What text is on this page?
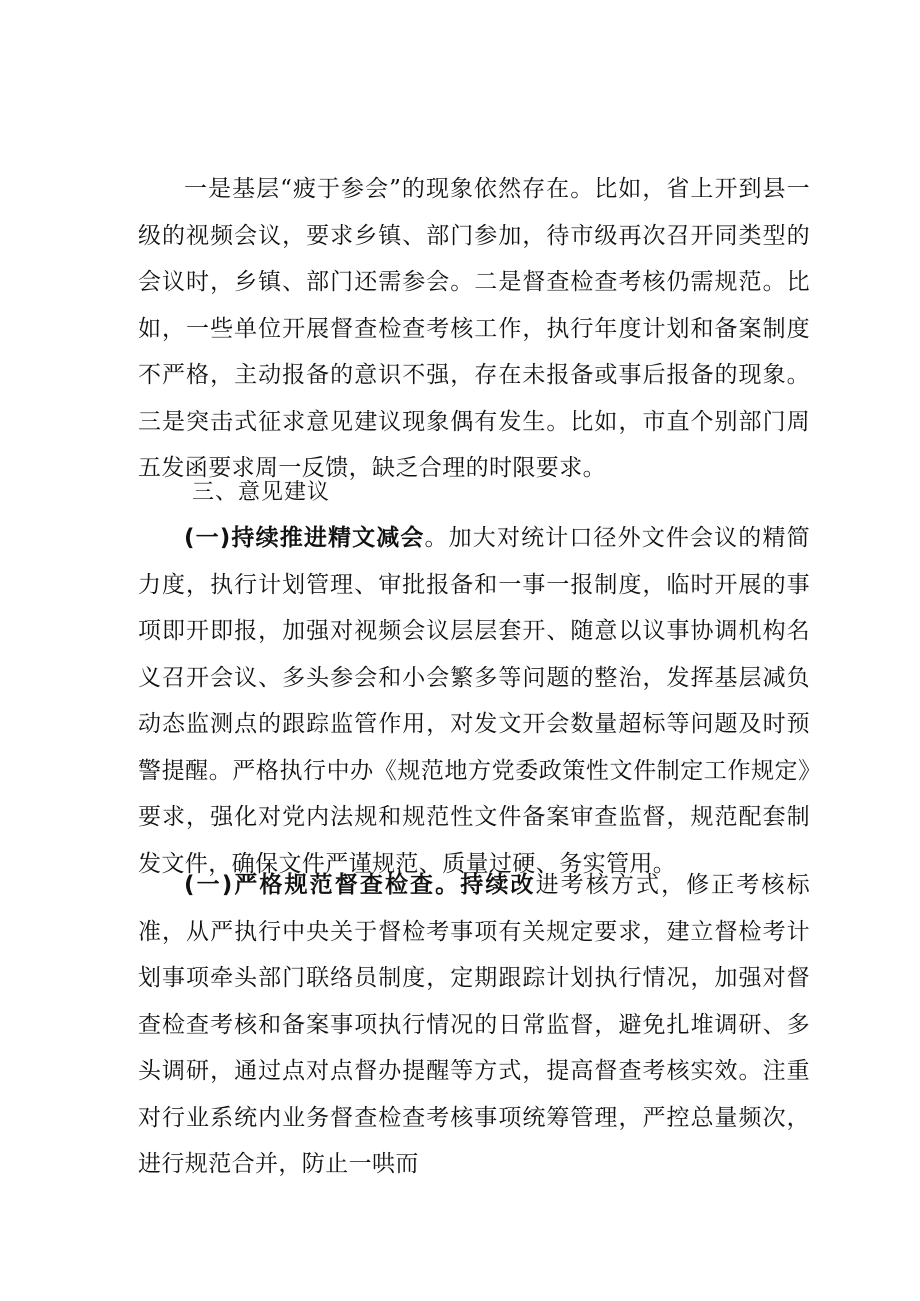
一是基层“疲于参会”的现象依然存在。比如，省上开到县一级的视频会议，要求乡镇、部门参加，待市级再次召开同类型的会议时，乡镇、部门还需参会。二是督查检查考核仍需规范。比如，一些单位开展督查检查考核工作，执行年度计划和备案制度不严格，主动报备的意识不强，存在未报备或事后报备的现象。三是突击式征求意见建议现象偶有发生。比如，市直个别部门周五发函要求周一反馈，缺乏合理的时限要求。

三、意见建议

(一)持续推进精文减会。加大对统计口径外文件会议的精简力度，执行计划管理、审批报备和一事一报制度，临时开展的事项即开即报，加强对视频会议层层套开、随意以议事协调机构名义召开会议、多头参会和小会繁多等问题的整治，发挥基层减负动态监测点的跟踪监管作用，对发文开会数量超标等问题及时预警提醒。严格执行中办《规范地方党委政策性文件制定工作规定》要求，强化对党内法规和规范性文件备案审查监督，规范配套制发文件，确保文件严谨规范、质量过硬、务实管用。

(一)严格规范督查检查。持续改进考核方式，修正考核标准，从严执行中央关于督检考事项有关规定要求，建立督检考计划事项牵头部门联络员制度，定期跟踪计划执行情况，加强对督查检查考核和备案事项执行情况的日常监督，避免扎堆调研、多头调研，通过点对点督办提醒等方式，提高督查考核实效。注重对行业系统内业务督查检查考核事项统筹管理，严控总量频次，进行规范合并，防止一哄而
